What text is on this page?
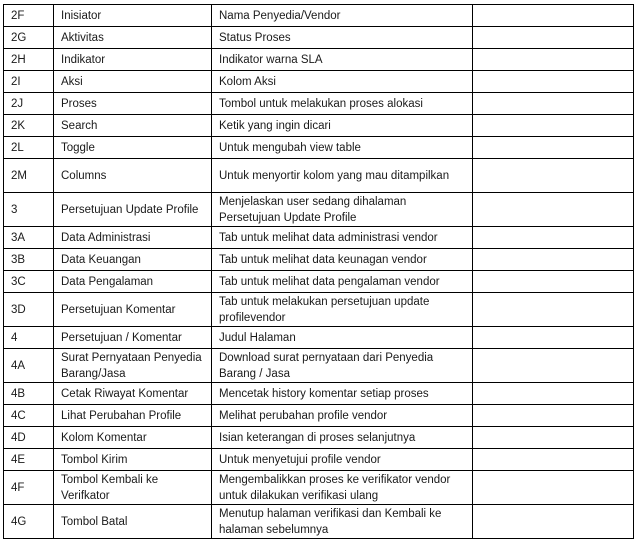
2F	Inisiator	Nama Penyedia/Vendor	
2G	Aktivitas	Status Proses	
2H	Indikator	Indikator warna SLA	
2I	Aksi	Kolom Aksi	
2J	Proses	Tombol untuk melakukan proses alokasi	
2K	Search	Ketik yang ingin dicari	
2L	Toggle	Untuk mengubah view table	
2M	Columns	Untuk menyortir kolom yang mau ditampilkan	
3	Persetujuan Update Profile	Menjelaskan user sedang dihalaman Persetujuan Update Profile	
3A	Data Administrasi	Tab untuk melihat data administrasi vendor	
3B	Data Keuangan	Tab untuk melihat data keunagan vendor	
3C	Data Pengalaman	Tab untuk melihat data pengalaman vendor	
3D	Persetujuan Komentar	Tab untuk melakukan persetujuan update profilevendor	
4	Persetujuan / Komentar	Judul Halaman	
4A	Surat Pernyataan Penyedia Barang/Jasa	Download surat pernyataan dari Penyedia Barang / Jasa	
4B	Cetak Riwayat Komentar	Mencetak history komentar setiap proses	
4C	Lihat Perubahan Profile	Melihat perubahan profile vendor	
4D	Kolom Komentar	Isian keterangan di proses selanjutnya	
4E	Tombol Kirim	Untuk menyetujui profile vendor	
4F	Tombol Kembali ke Verifkator	Mengembalikkan proses ke verifikator vendor untuk dilakukan verifikasi ulang	
4G	Tombol Batal	Menutup halaman verifikasi dan Kembali ke halaman sebelumnya	
